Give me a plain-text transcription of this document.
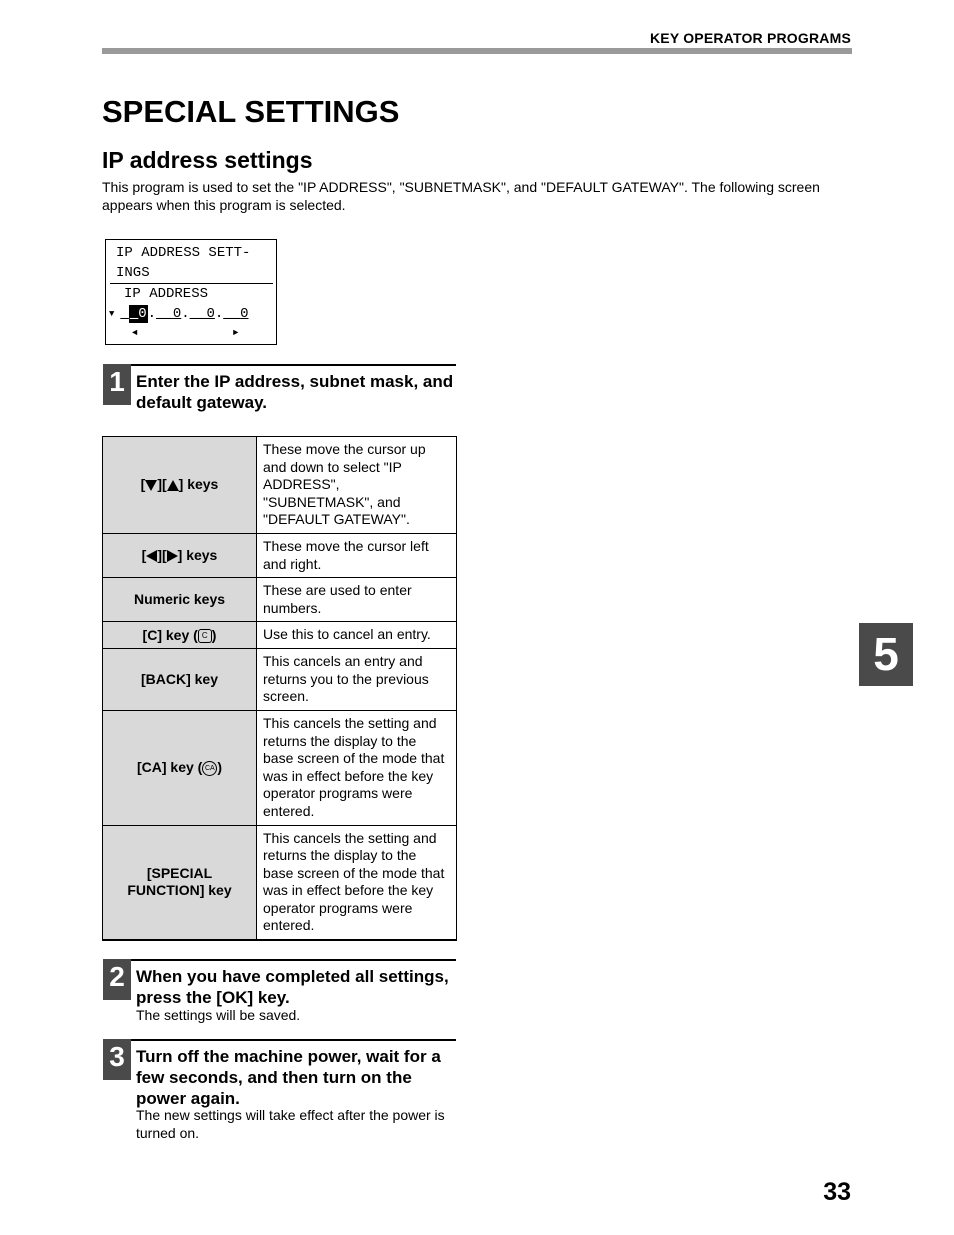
KEY OPERATOR PROGRAMS
SPECIAL SETTINGS
IP address settings
This program is used to set the "IP ADDRESS", "SUBNETMASK", and "DEFAULT GATEWAY". The following screen appears when this program is selected.
IP ADDRESS SETT-INGS
IP ADDRESS
▼ __0.__0.__0.__0
◄	►
1 Enter the IP address, subnet mask, and default gateway.
[ ][ ] keys	These move the cursor up and down to select "IP ADDRESS", "SUBNETMASK", and "DEFAULT GATEWAY".
[ ][ ] keys	These move the cursor left and right.
Numeric keys	These are used to enter numbers.
[C] key ( C )	Use this to cancel an entry.
[BACK] key	This cancels an entry and returns you to the previous screen.
[CA] key ( CA )	This cancels the setting and returns the display to the base screen of the mode that was in effect before the key operator programs were entered.
[SPECIAL FUNCTION] key	This cancels the setting and returns the display to the base screen of the mode that was in effect before the key operator programs were entered.
2 When you have completed all settings, press the [OK] key.
The settings will be saved.
3 Turn off the machine power, wait for a few seconds, and then turn on the power again.
The new settings will take effect after the power is turned on.
5
33
